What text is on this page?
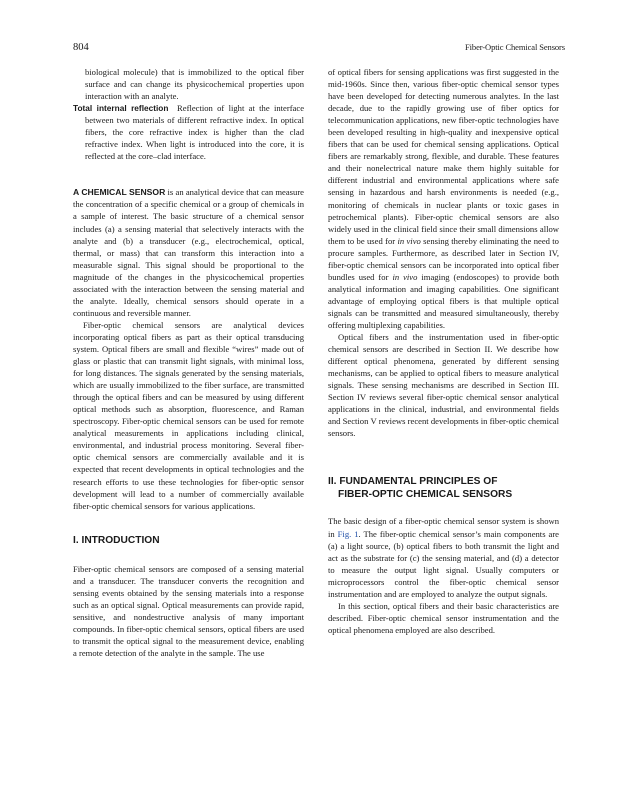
804	Fiber-Optic Chemical Sensors

biological molecule) that is immobilized to the optical fiber surface and can change its physicochemical properties upon interaction with an analyte.

Total internal reflection Reflection of light at the interface between two materials of different refractive index. In optical fibers, the core refractive index is higher than the clad refractive index. When light is introduced into the core, it is reflected at the core–clad interface.

A CHEMICAL SENSOR is an analytical device that can measure the concentration of a specific chemical or a group of chemicals in a sample of interest. The basic structure of a chemical sensor includes (a) a sensing material that selectively interacts with the analyte and (b) a transducer (e.g., electrochemical, optical, thermal, or mass) that can transform this interaction into a measurable signal. This signal should be proportional to the magnitude of the changes in the physicochemical properties associated with the interaction between the sensing material and the analyte. Ideally, chemical sensors should operate in a continuous and reversible manner.

Fiber-optic chemical sensors are analytical devices incorporating optical fibers as part as their optical transducing system. Optical fibers are small and flexible “wires” made out of glass or plastic that can transmit light signals, with minimal loss, for long distances. The signals generated by the sensing materials, which are usually immobilized to the fiber surface, are transmitted through the optical fibers and can be measured by using different optical methods such as absorption, fluorescence, and Raman spectroscopy. Fiber-optic chemical sensors can be used for remote analytical measurements in applications including clinical, environmental, and industrial process monitoring. Several fiber-optic chemical sensors are commercially available and it is expected that recent developments in optical technologies and the research efforts to use these technologies for fiber-optic sensor development will lead to a number of commercially available fiber-optic chemical sensors for various applications.

I. INTRODUCTION

Fiber-optic chemical sensors are composed of a sensing material and a transducer. The transducer converts the recognition and sensing events obtained by the sensing materials into a response such as an optical signal. Optical measurements can provide rapid, sensitive, and nondestructive analysis of many important compounds. In fiber-optic chemical sensors, optical fibers are used to transmit the optical signal to the measurement device, enabling a remote detection of the analyte in the sample. The use

of optical fibers for sensing applications was first suggested in the mid-1960s. Since then, various fiber-optic chemical sensor types have been developed for detecting numerous analytes. In the last decade, due to the rapidly growing use of fiber optics for telecommunication applications, new fiber-optic technologies have been developed resulting in high-quality and inexpensive optical fibers that can be used for chemical sensing applications. Optical fibers are remarkably strong, flexible, and durable. These features and their nonelectrical nature make them highly suitable for different industrial and environmental applications where safe sensing in hazardous and harsh environments is needed (e.g., monitoring of chemicals in nuclear plants or toxic gases in petrochemical plants). Fiber-optic chemical sensors are also widely used in the clinical field since their small dimensions allow them to be used for in vivo sensing thereby eliminating the need to procure samples. Furthermore, as described later in Section IV, fiber-optic chemical sensors can be incorporated into optical fiber bundles used for in vivo imaging (endoscopes) to provide both analytical information and imaging capabilities. One significant advantage of employing optical fibers is that multiple optical signals can be transmitted and measured simultaneously, thereby offering multiplexing capabilities.

Optical fibers and the instrumentation used in fiber-optic chemical sensors are described in Section II. We describe how different optical phenomena, generated by different sensing mechanisms, can be applied to optical fibers to measure analytical signals. These sensing mechanisms are described in Section III. Section IV reviews several fiber-optic chemical sensor analytical applications in the clinical, industrial, and environmental fields and Section V reviews recent developments in fiber-optic chemical sensors.

II. FUNDAMENTAL PRINCIPLES OF
FIBER-OPTIC CHEMICAL SENSORS

The basic design of a fiber-optic chemical sensor system is shown in Fig. 1. The fiber-optic chemical sensor’s main components are (a) a light source, (b) optical fibers to both transmit the light and act as the substrate for (c) the sensing material, and (d) a detector to measure the output light signal. Usually computers or microprocessors control the fiber-optic chemical sensor instrumentation and are employed to analyze the output signals.

In this section, optical fibers and their basic characteristics are described. Fiber-optic chemical sensor instrumentation and the optical phenomena employed are also described.
